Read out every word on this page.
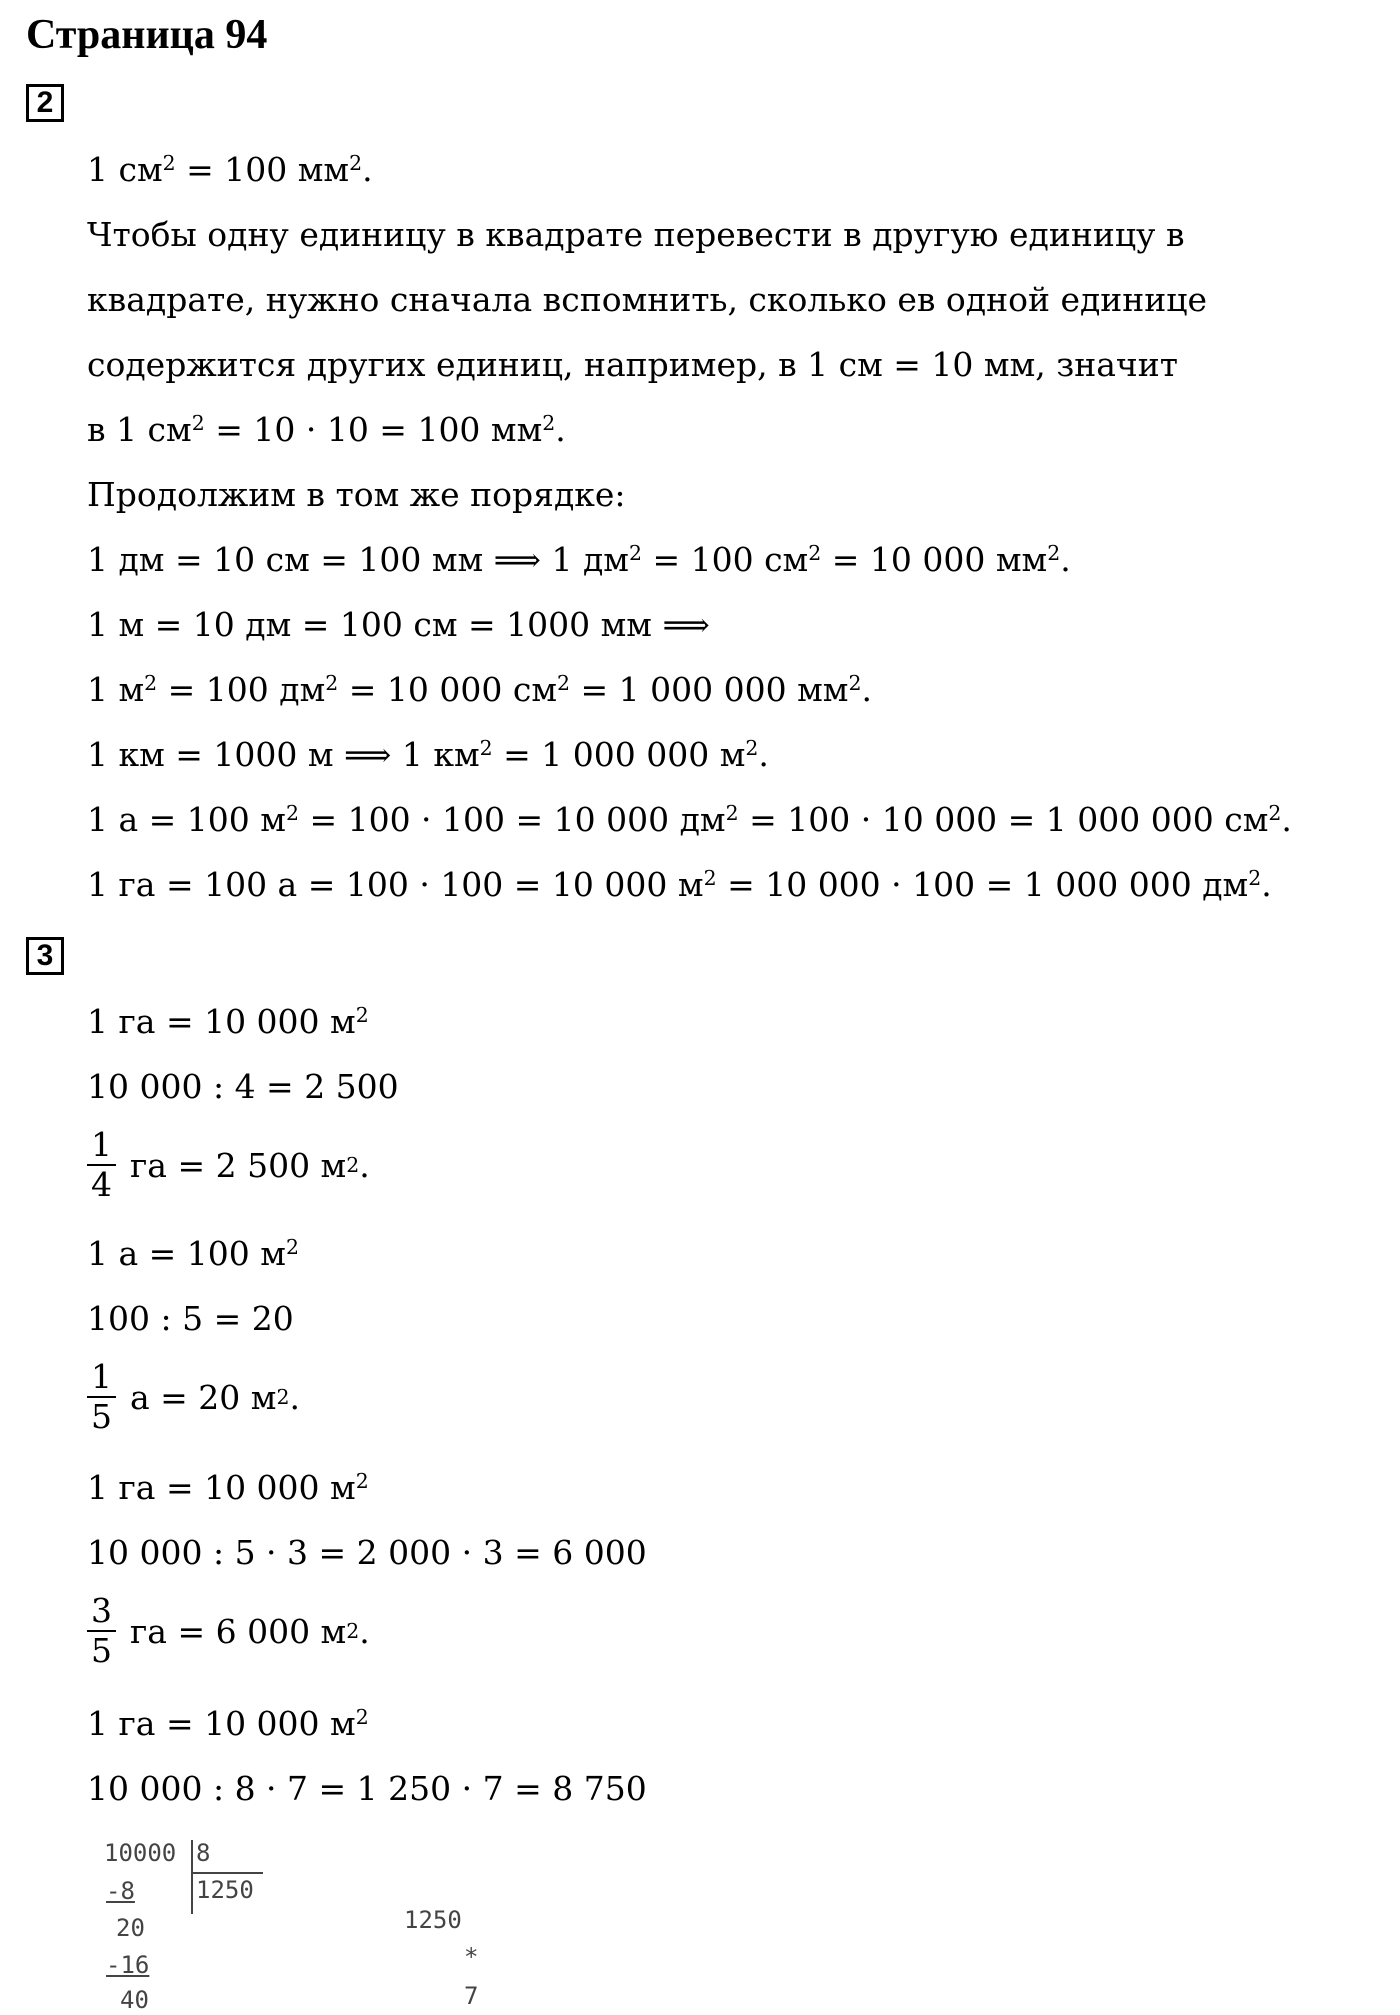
Страница 94
2
1 $см^2 = 100$ $мм^2$.
Чтобы одну единицу в квадрате перевести в другую единицу в
квадрате, нужно сначала вспомнить, сколько ев одной единице
содержится других единиц, например, в 1 см = 10 мм, значит
в 1 $см^2 = 10 \cdot 10 = 100$ $мм^2$.
Продолжим в том же порядке:
1 дм = 10 см = 100 мм ⟹ 1 $дм^2 = 100$ $см^2 = 10$ 000 $мм^2$.
1 м = 10 дм = 100 см = 1000 мм ⟹
1 $м^2 = 100$ $дм^2 = 10$ 000 $см^2 = 1$ 000 000 $мм^2$.
1 км = 1000 м ⟹ 1 $км^2 = 1$ 000 000 $м^2$.
1 а = 100 $м^2 = 100 \cdot 100 = 10$ 000 $дм^2 = 100 \cdot 10$ 000 = 1 000 000 $см^2$.
1 га = 100 а = 100 · 100 = 10 000 $м^2 = 10$ 000 · 100 = 1 000 000 $дм^2$.
3
1 га = 10 000 $м^2$
10 000 : 4 = 2 500
$\frac{1}{4}$ га = 2 500 м 2 .
1 а = 100 $м^2$
100 : 5 = 20
$\frac{1}{5}$ а = 20 м 2 .
1 га = 10 000 $м^2$
10 000 : 5 · 3 = 2 000 · 3 = 6 000
$\frac{3}{5}$ га = 6 000 м 2 .
1 га = 10 000 $м^2$
10 000 : 8 · 7 = 1 250 · 7 = 8 750
10000 8
1250
-8
20
-16
40
1250
*
7
